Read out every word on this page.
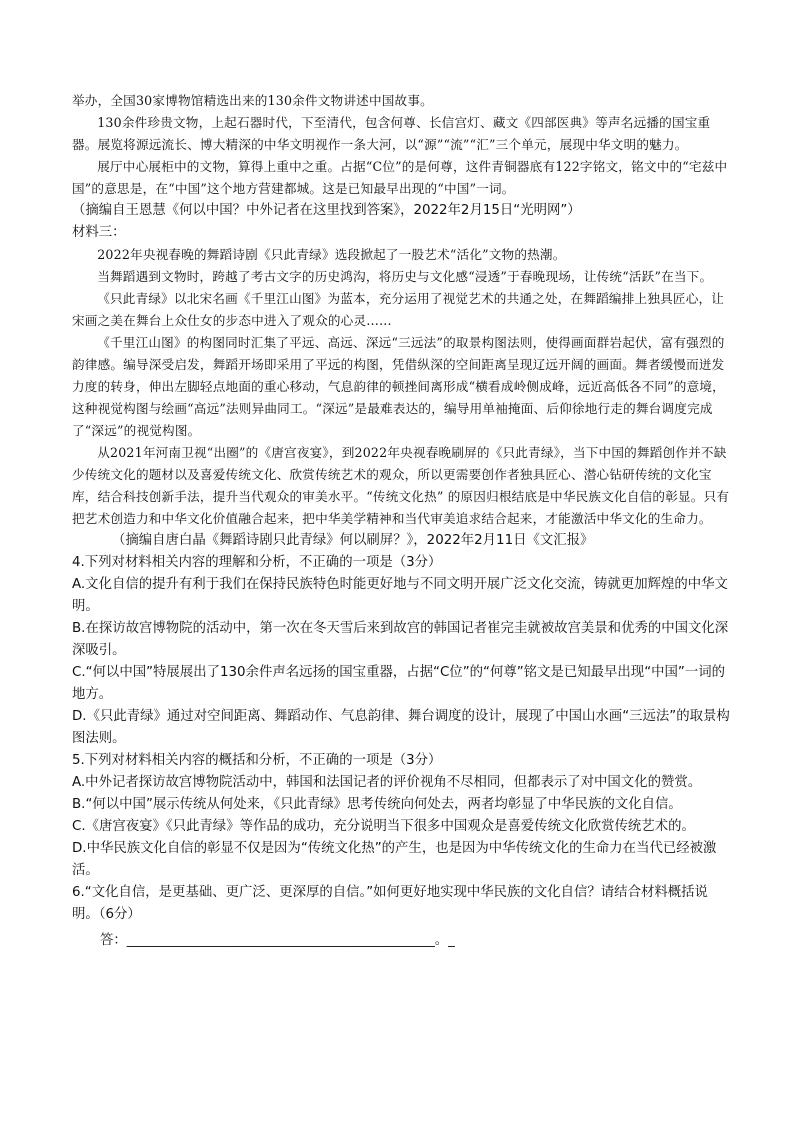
举办，全国30家博物馆精选出来的130余件文物讲述中国故事。

130余件珍贵文物，上起石器时代，下至清代，包含何尊、长信宫灯、藏文《四部医典》等声名远播的国宝重器。展览将源远流长、博大精深的中华文明视作一条大河，以“源”“流”“汇”三个单元，展现中华文明的魅力。

展厅中心展柜中的文物，算得上重中之重。占据“C位”的是何尊，这件青铜器底有122字铭文，铭文中的“宅兹中国”的意思是，在“中国”这个地方营建都城。这是已知最早出现的“中国”一词。

（摘编自王恩慧《何以中国？中外记者在这里找到答案》，2022年2月15日“光明网”）

材料三：

2022年央视春晚的舞蹈诗剧《只此青绿》选段掀起了一股艺术“活化”文物的热潮。

当舞蹈遇到文物时，跨越了考古文字的历史鸿沟，将历史与文化感“浸透”于春晚现场，让传统“活跃”在当下。

《只此青绿》以北宋名画《千里江山图》为蓝本，充分运用了视觉艺术的共通之处，在舞蹈编排上独具匠心，让宋画之美在舞台上众仕女的步态中进入了观众的心灵……

《千里江山图》的构图同时汇集了平远、高远、深远“三远法”的取景构图法则，使得画面群岩起伏，富有强烈的韵律感。编导深受启发，舞蹈开场即采用了平远的构图，凭借纵深的空间距离呈现辽远开阔的画面。舞者缓慢而迸发力度的转身，伸出左脚轻点地面的重心移动，气息韵律的顿挫间离形成“横看成岭侧成峰，远近高低各不同”的意境，这种视觉构图与绘画“高远”法则异曲同工。“深远”是最难表达的，编导用单袖掩面、后仰徐地行走的舞台调度完成了“深远”的视觉构图。

从2021年河南卫视“出圈”的《唐宫夜宴》，到2022年央视春晚刷屏的《只此青绿》，当下中国的舞蹈创作并不缺少传统文化的题材以及喜爱传统文化、欣赏传统艺术的观众，所以更需要创作者独具匠心、潜心钻研传统的文化宝库，结合科技创新手法，提升当代观众的审美水平。“传统文化热” 的原因归根结底是中华民族文化自信的彰显。只有把艺术创造力和中华文化价值融合起来，把中华美学精神和当代审美追求结合起来，才能激活中华文化的生命力。

（摘编自唐白晶《舞蹈诗剧只此青绿》何以刷屏？》，2022年2月11日《文汇报》

4.下列对材料相关内容的理解和分析，不正确的一项是（3分）

A.文化自信的提升有利于我们在保持民族特色时能更好地与不同文明开展广泛文化交流，铸就更加辉煌的中华文明。

B.在探访故宫博物院的活动中，第一次在冬天雪后来到故宫的韩国记者崔完圭就被故宫美景和优秀的中国文化深深吸引。

C.“何以中国”特展展出了130余件声名远扬的国宝重器，占据“C位”的“何尊”铭文是已知最早出现“中国”一词的地方。

D.《只此青绿》通过对空间距离、舞蹈动作、气息韵律、舞台调度的设计，展现了中国山水画“三远法”的取景构图法则。

5.下列对材料相关内容的概括和分析，不正确的一项是（3分）

A.中外记者探访故宫博物院活动中，韩国和法国记者的评价视角不尽相同，但都表示了对中国文化的赞赏。

B.“何以中国”展示传统从何处来，《只此青绿》思考传统向何处去，两者均彰显了中华民族的文化自信。

C.《唐宫夜宴》《只此青绿》等作品的成功，充分说明当下很多中国观众是喜爱传统文化欣赏传统艺术的。

D.中华民族文化自信的彰显不仅是因为“传统文化热”的产生，也是因为中华传统文化的生命力在当代已经被激活。

6.“文化自信，是更基础、更广泛、更深厚的自信。”如何更好地实现中华民族的文化自信？请结合材料概括说明。（6分）

答：______________________________________________。_
